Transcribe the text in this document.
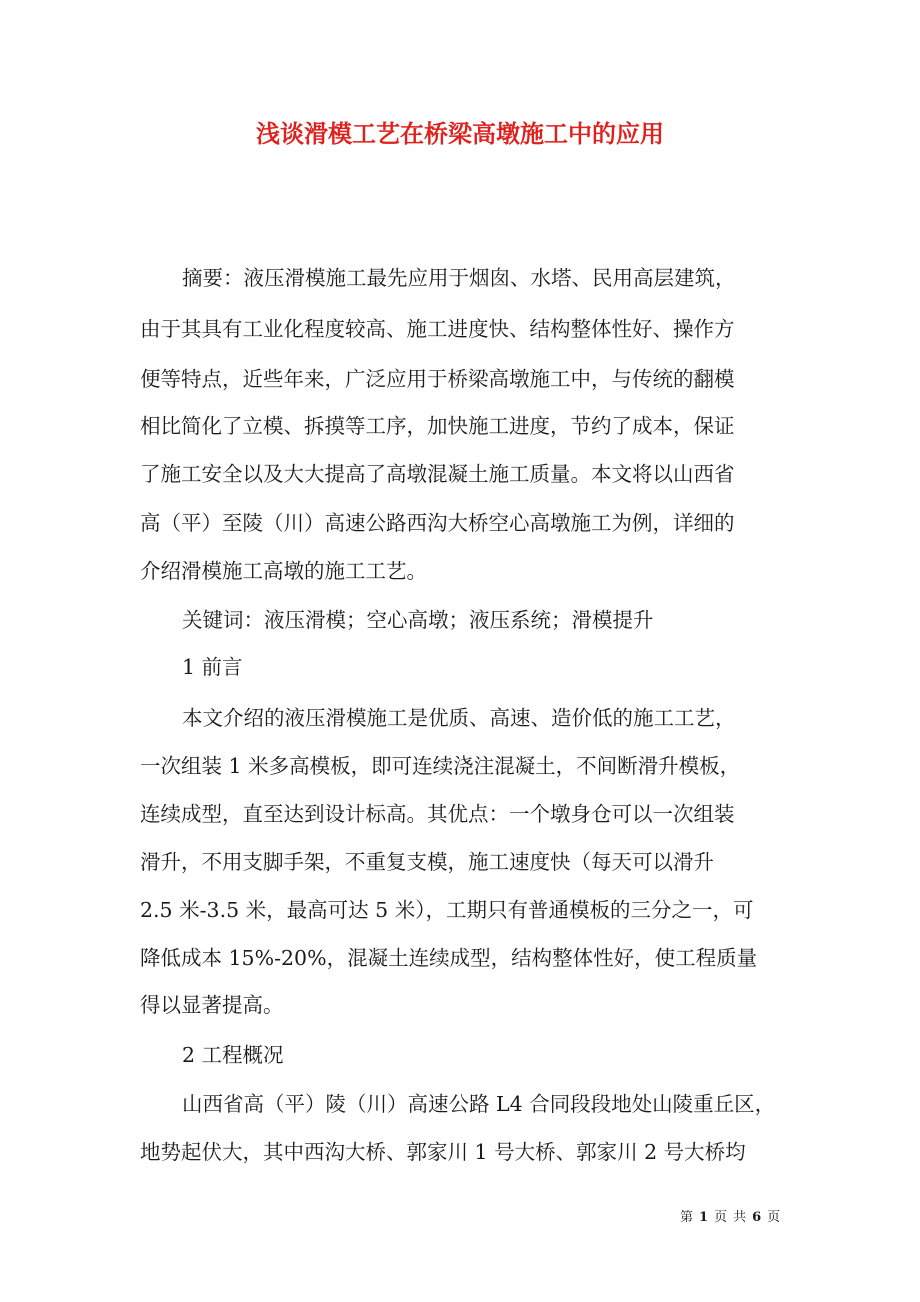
浅谈滑模工艺在桥梁高墩施工中的应用
摘要：液压滑模施工最先应用于烟囱、水塔、民用高层建筑，
由于其具有工业化程度较高、施工进度快、结构整体性好、操作方
便等特点，近些年来，广泛应用于桥梁高墩施工中，与传统的翻模
相比简化了立模、拆摸等工序，加快施工进度，节约了成本，保证
了施工安全以及大大提高了高墩混凝土施工质量。本文将以山西省
高（平）至陵（川）高速公路西沟大桥空心高墩施工为例，详细的
介绍滑模施工高墩的施工工艺。
关键词：液压滑模；空心高墩；液压系统；滑模提升
1 前言
本文介绍的液压滑模施工是优质、高速、造价低的施工工艺，
一次组装 1 米多高模板，即可连续浇注混凝土，不间断滑升模板，
连续成型，直至达到设计标高。其优点：一个墩身仓可以一次组装
滑升，不用支脚手架，不重复支模，施工速度快（每天可以滑升
2.5 米-3.5 米，最高可达 5 米），工期只有普通模板的三分之一，可
降低成本 15%-20%，混凝土连续成型，结构整体性好，使工程质量
得以显著提高。
2 工程概况
山西省高（平）陵（川）高速公路 L4 合同段段地处山陵重丘区，
地势起伏大，其中西沟大桥、郭家川 1 号大桥、郭家川 2 号大桥均
第 1 页 共 6 页
